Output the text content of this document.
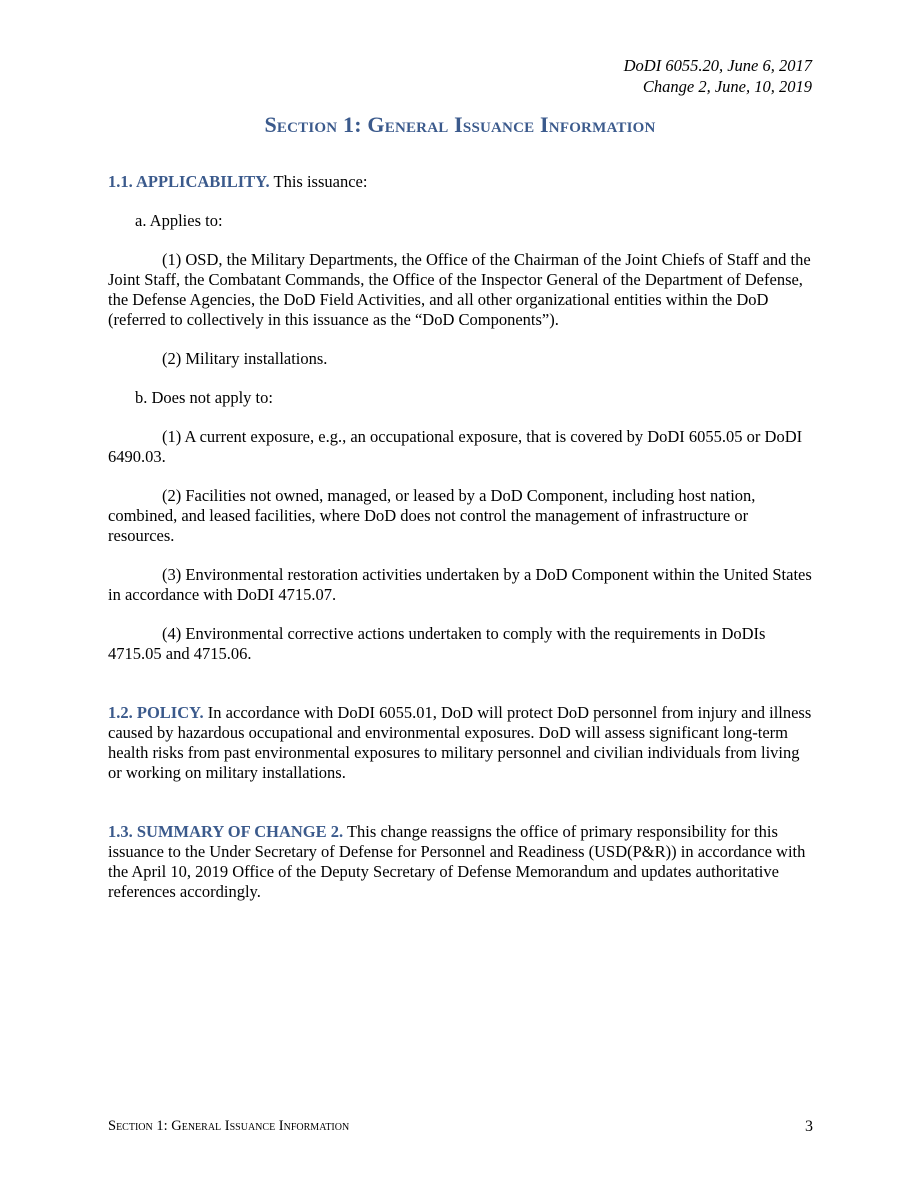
DoDI 6055.20, June 6, 2017
Change 2, June, 10, 2019
Section 1: General Issuance Information

1.1. APPLICABILITY. This issuance:

a. Applies to:

(1) OSD, the Military Departments, the Office of the Chairman of the Joint Chiefs of Staff and the Joint Staff, the Combatant Commands, the Office of the Inspector General of the Department of Defense, the Defense Agencies, the DoD Field Activities, and all other organizational entities within the DoD (referred to collectively in this issuance as the “DoD Components”).

(2) Military installations.

b. Does not apply to:

(1) A current exposure, e.g., an occupational exposure, that is covered by DoDI 6055.05 or DoDI 6490.03.

(2) Facilities not owned, managed, or leased by a DoD Component, including host nation, combined, and leased facilities, where DoD does not control the management of infrastructure or resources.

(3) Environmental restoration activities undertaken by a DoD Component within the United States in accordance with DoDI 4715.07.

(4) Environmental corrective actions undertaken to comply with the requirements in DoDIs 4715.05 and 4715.06.

1.2. POLICY. In accordance with DoDI 6055.01, DoD will protect DoD personnel from injury and illness caused by hazardous occupational and environmental exposures. DoD will assess significant long-term health risks from past environmental exposures to military personnel and civilian individuals from living or working on military installations.

1.3. SUMMARY OF CHANGE 2. This change reassigns the office of primary responsibility for this issuance to the Under Secretary of Defense for Personnel and Readiness (USD(P&R)) in accordance with the April 10, 2019 Office of the Deputy Secretary of Defense Memorandum and updates authoritative references accordingly.

Section 1: General Issuance Information	3
